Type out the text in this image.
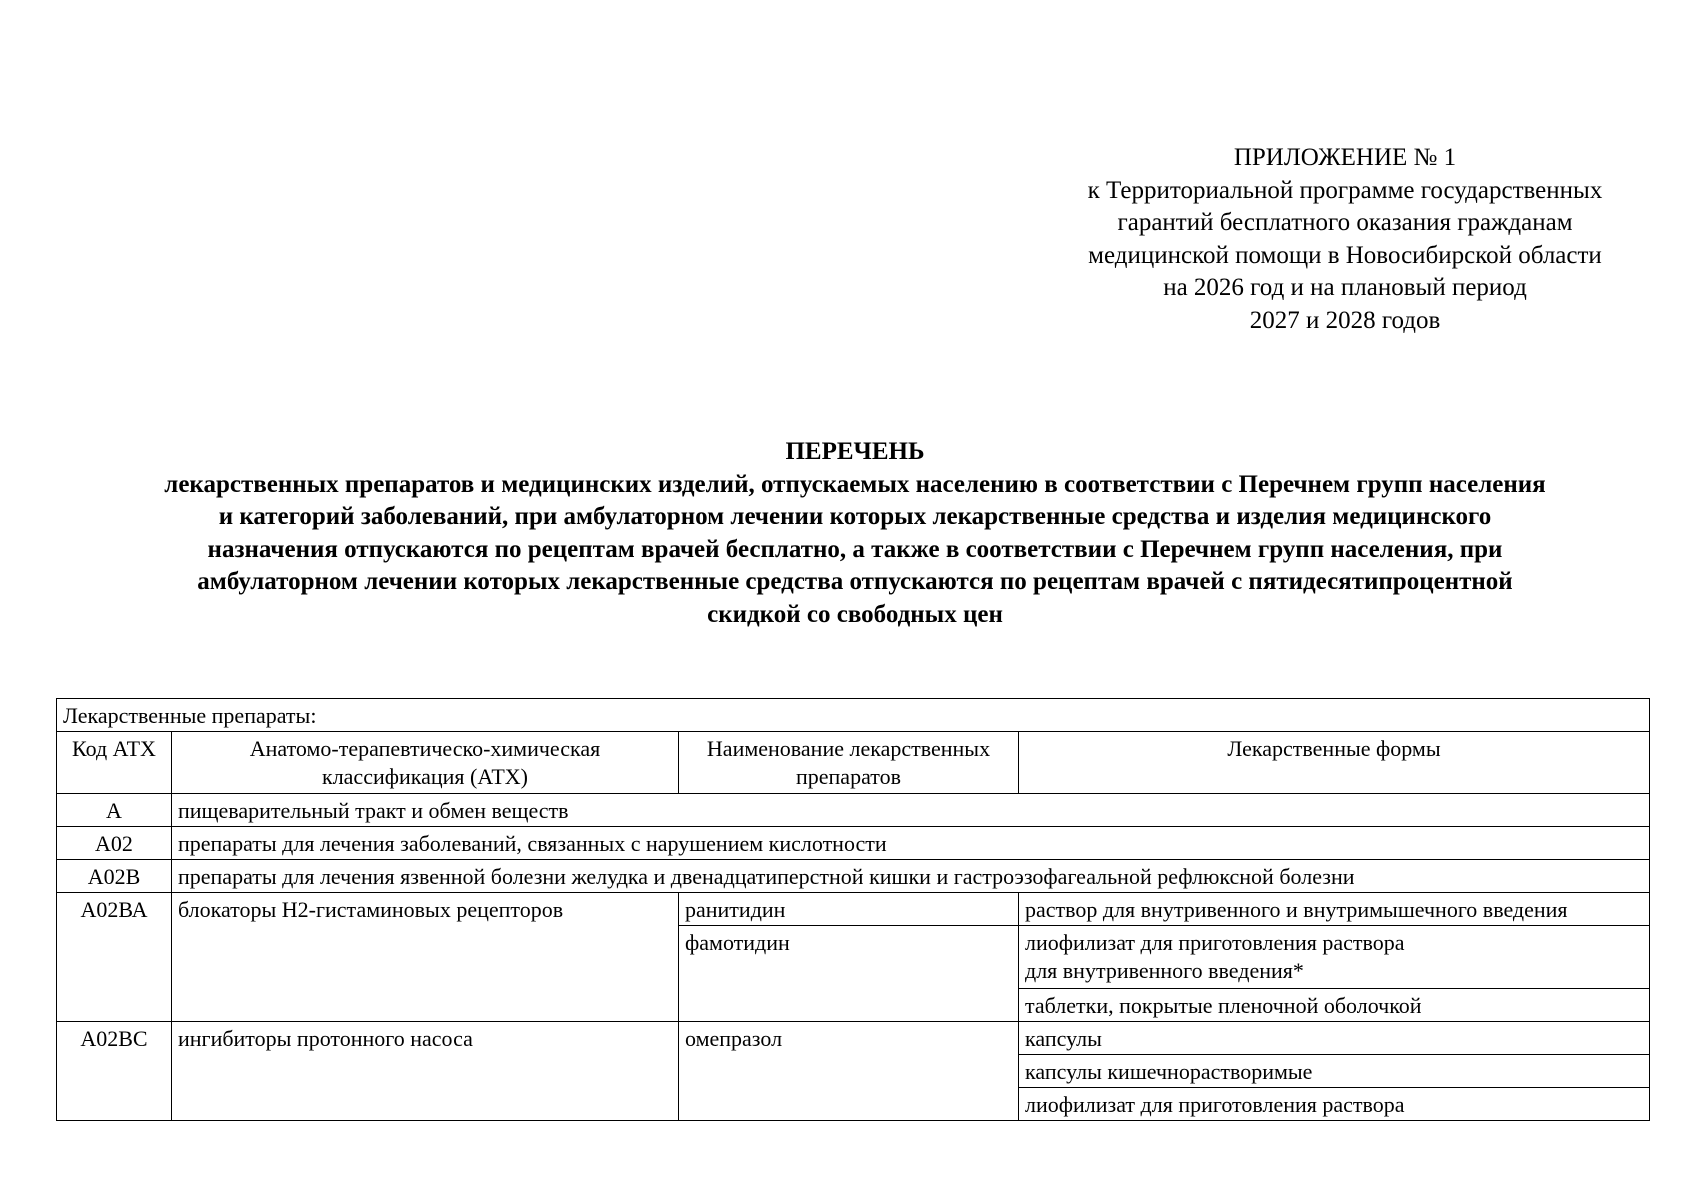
ПРИЛОЖЕНИЕ № 1
к Территориальной программе государственных
гарантий бесплатного оказания гражданам
медицинской помощи в Новосибирской области
на 2026 год и на плановый период
2027 и 2028 годов
ПЕРЕЧЕНЬ
лекарственных препаратов и медицинских изделий, отпускаемых населению в соответствии с Перечнем групп населения
и категорий заболеваний, при амбулаторном лечении которых лекарственные средства и изделия медицинского
назначения отпускаются по рецептам врачей бесплатно, а также в соответствии с Перечнем групп населения, при
амбулаторном лечении которых лекарственные средства отпускаются по рецептам врачей с пятидесятипроцентной
скидкой со свободных цен
Лекарственные препараты:			
Код АТХ	Анатомо-терапевтическо-химическая классификация (АТХ)	Наименование лекарственных препаратов	Лекарственные формы
А	пищеварительный тракт и обмен веществ		
А02	препараты для лечения заболеваний, связанных с нарушением кислотности		
А02В	препараты для лечения язвенной болезни желудка и двенадцатиперстной кишки и гастроэзофагеальной рефлюксной болезни		
А02ВА	блокаторы Н2-гистаминовых рецепторов	ранитидин	раствор для внутривенного и внутримышечного введения
		фамотидин	лиофилизат для приготовления раствора
для внутривенного введения*

			таблетки, покрытые пленочной оболочкой
А02ВС	ингибиторы протонного насоса	омепразол	капсулы
			капсулы кишечнорастворимые
			лиофилизат для приготовления раствора
